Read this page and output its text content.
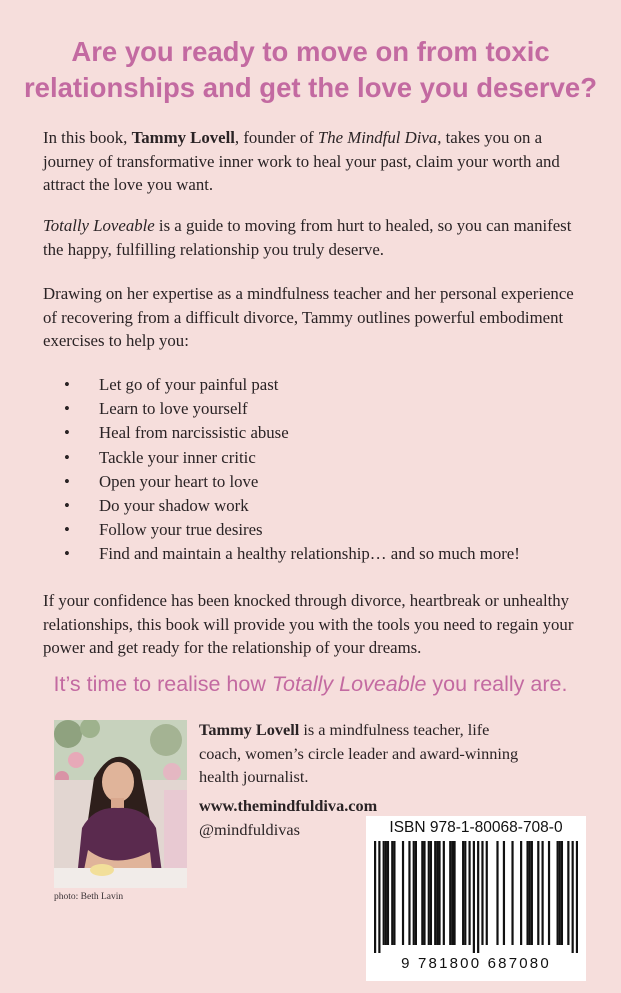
Are you ready to move on from toxic relationships and get the love you deserve?

In this book, Tammy Lovell, founder of The Mindful Diva, takes you on a journey of transformative inner work to heal your past, claim your worth and attract the love you want.

Totally Loveable is a guide to moving from hurt to healed, so you can manifest the happy, fulfilling relationship you truly deserve.

Drawing on her expertise as a mindfulness teacher and her personal experience of recovering from a difficult divorce, Tammy outlines powerful embodiment exercises to help you:

• Let go of your painful past
• Learn to love yourself
• Heal from narcissistic abuse
• Tackle your inner critic
• Open your heart to love
• Do your shadow work
• Follow your true desires
• Find and maintain a healthy relationship… and so much more!

If your confidence has been knocked through divorce, heartbreak or unhealthy relationships, this book will provide you with the tools you need to regain your power and get ready for the relationship of your dreams.

It’s time to realise how Totally Loveable you really are.

photo: Beth Lavin

Tammy Lovell is a mindfulness teacher, life coach, women’s circle leader and award-winning health journalist.

www.themindfuldiva.com
@mindfuldivas	ISBN 978-1-80068-708-0
9 781800 687080
